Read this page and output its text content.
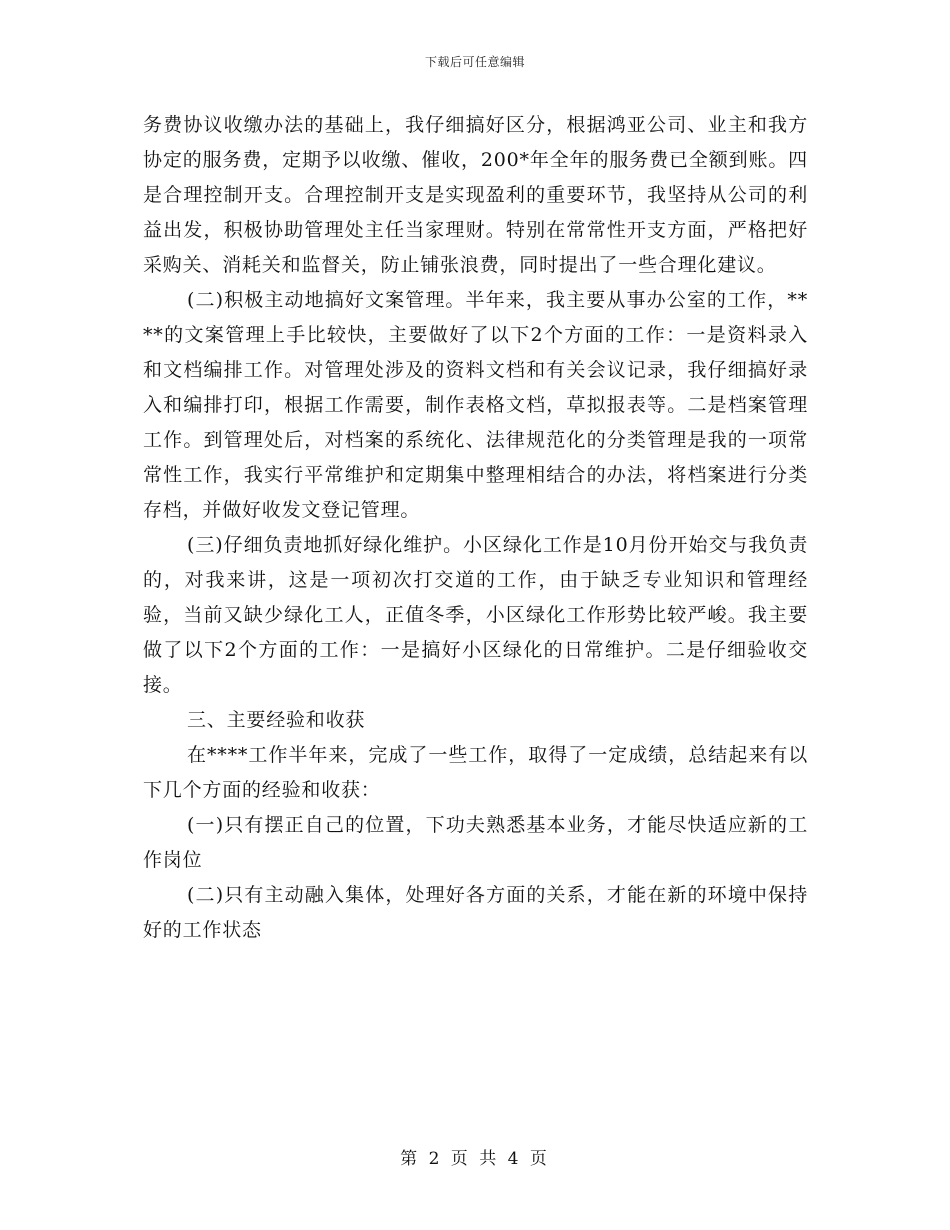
下载后可任意编辑

务费协议收缴办法的基础上，我仔细搞好区分，根据鸿亚公司、业主和我方协定的服务费，定期予以收缴、催收，200*年全年的服务费已全额到账。四是合理控制开支。合理控制开支是实现盈利的重要环节，我坚持从公司的利益出发，积极协助管理处主任当家理财。特别在常常性开支方面，严格把好采购关、消耗关和监督关，防止铺张浪费，同时提出了一些合理化建议。

(二)积极主动地搞好文案管理。半年来，我主要从事办公室的工作，****的文案管理上手比较快，主要做好了以下2个方面的工作：一是资料录入和文档编排工作。对管理处涉及的资料文档和有关会议记录，我仔细搞好录入和编排打印，根据工作需要，制作表格文档，草拟报表等。二是档案管理工作。到管理处后，对档案的系统化、法律规范化的分类管理是我的一项常常性工作，我实行平常维护和定期集中整理相结合的办法，将档案进行分类存档，并做好收发文登记管理。

(三)仔细负责地抓好绿化维护。小区绿化工作是10月份开始交与我负责的，对我来讲，这是一项初次打交道的工作，由于缺乏专业知识和管理经验，当前又缺少绿化工人，正值冬季，小区绿化工作形势比较严峻。我主要做了以下2个方面的工作：一是搞好小区绿化的日常维护。二是仔细验收交接。

三、主要经验和收获

在****工作半年来，完成了一些工作，取得了一定成绩，总结起来有以下几个方面的经验和收获：

(一)只有摆正自己的位置，下功夫熟悉基本业务，才能尽快适应新的工作岗位

(二)只有主动融入集体，处理好各方面的关系，才能在新的环境中保持好的工作状态

第 2 页 共 4 页
